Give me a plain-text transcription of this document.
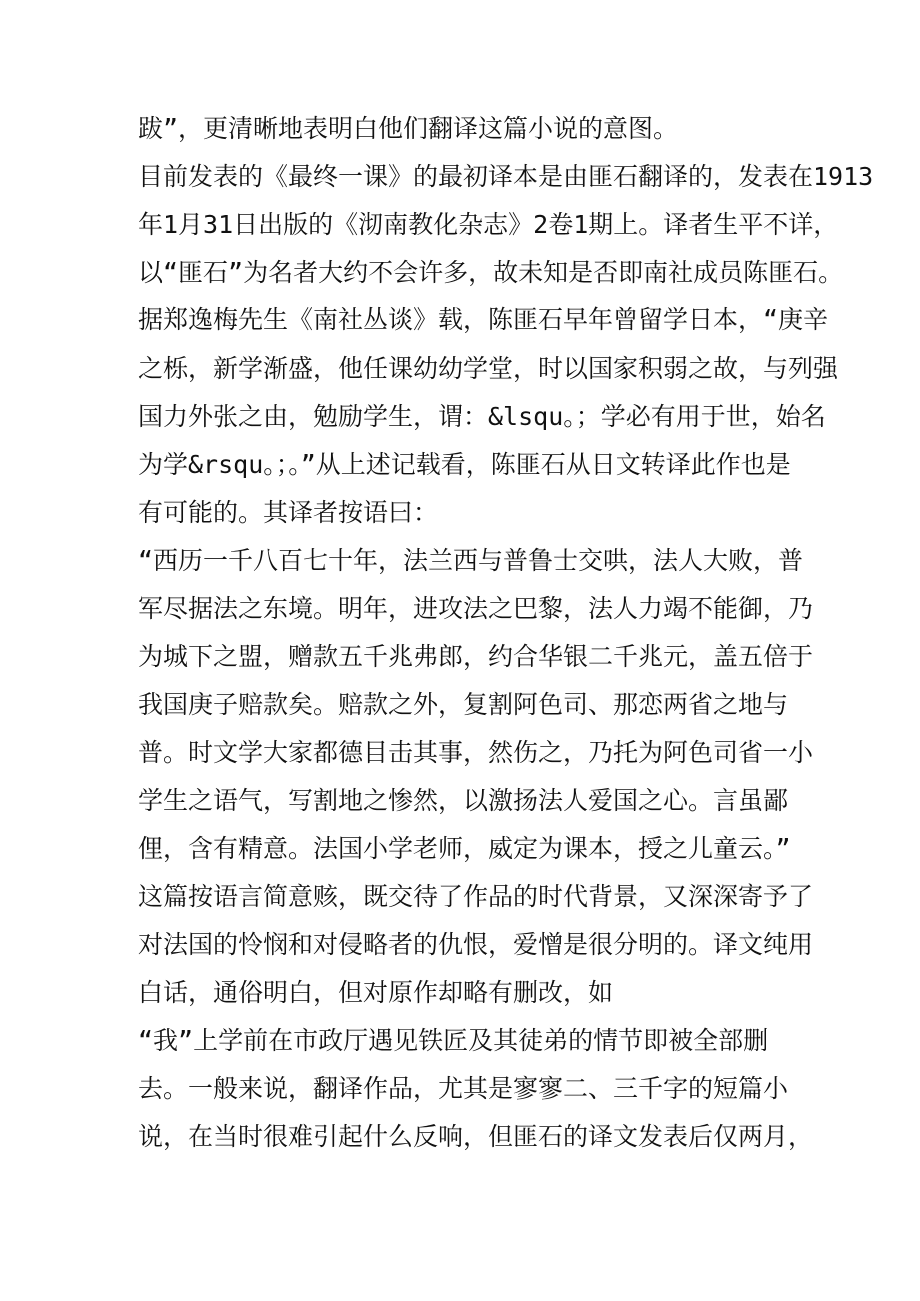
跋”，更清晰地表明白他们翻译这篇小说的意图。
目前发表的《最终一课》的最初译本是由匪石翻译的，发表在1913
年1月31日出版的《沏南教化杂志》2卷1期上。译者生平不详，
以“匪石”为名者大约不会许多，故未知是否即南社成员陈匪石。
据郑逸梅先生《南社丛谈》载，陈匪石早年曾留学日本，“庚辛
之栎，新学渐盛，他任课幼幼学堂，时以国家积弱之故，与列强
国力外张之由，勉励学生，谓：&lsqu。；学必有用于世，始名
为学&rsqu。；。”从上述记载看，陈匪石从日文转译此作也是
有可能的。其译者按语曰：
“西历一千八百七十年，法兰西与普鲁士交哄，法人大败，普
军尽据法之东境。明年，进攻法之巴黎，法人力竭不能御，乃
为城下之盟，赠款五千兆弗郎，约合华银二千兆元，盖五倍于
我国庚子赔款矣。赔款之外，复割阿色司、那恋两省之地与
普。时文学大家都德目击其事，然伤之，乃托为阿色司省一小
学生之语气，写割地之惨然，以激扬法人爱国之心。言虽鄙
俚，含有精意。法国小学老师，威定为课本，授之儿童云。”
这篇按语言简意赅，既交待了作品的时代背景，又深深寄予了
对法国的怜悯和对侵略者的仇恨，爱憎是很分明的。译文纯用
白话，通俗明白，但对原作却略有删改，如
“我”上学前在市政厅遇见铁匠及其徒弟的情节即被全部删
去。一般来说，翻译作品，尤其是寥寥二、三千字的短篇小
说，在当时很难引起什么反响，但匪石的译文发表后仅两月，
